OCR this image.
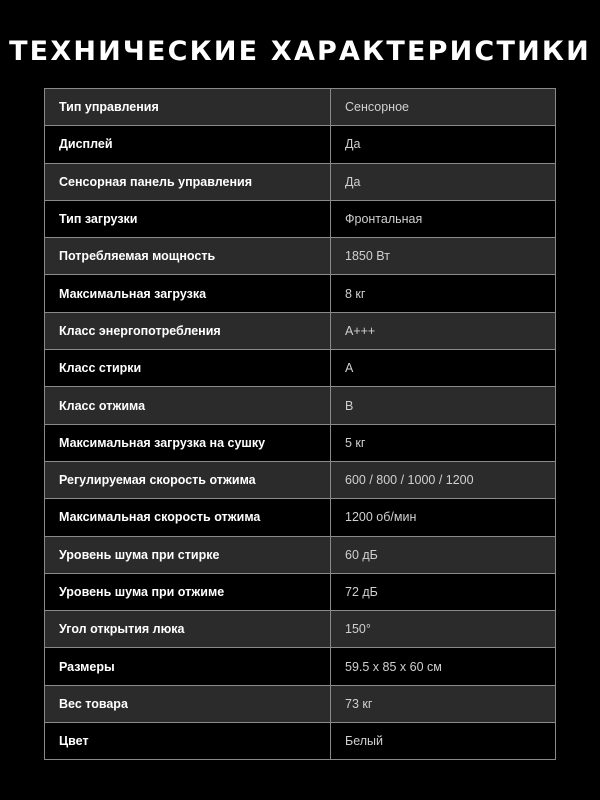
ТЕХНИЧЕСКИЕ ХАРАКТЕРИСТИКИ
Тип управления	Сенсорное
Дисплей	Да
Сенсорная панель управления	Да
Тип загрузки	Фронтальная
Потребляемая мощность	1850 Вт
Максимальная загрузка	8 кг
Класс энергопотребления	A+++
Класс стирки	A
Класс отжима	B
Максимальная загрузка на сушку	5 кг
Регулируемая скорость отжима	600 / 800 / 1000 / 1200
Максимальная скорость отжима	1200 об/мин
Уровень шума при стирке	60 дБ
Уровень шума при отжиме	72 дБ
Угол открытия люка	150°
Размеры	59.5 x 85 x 60 см
Вес товара	73 кг
Цвет	Белый
